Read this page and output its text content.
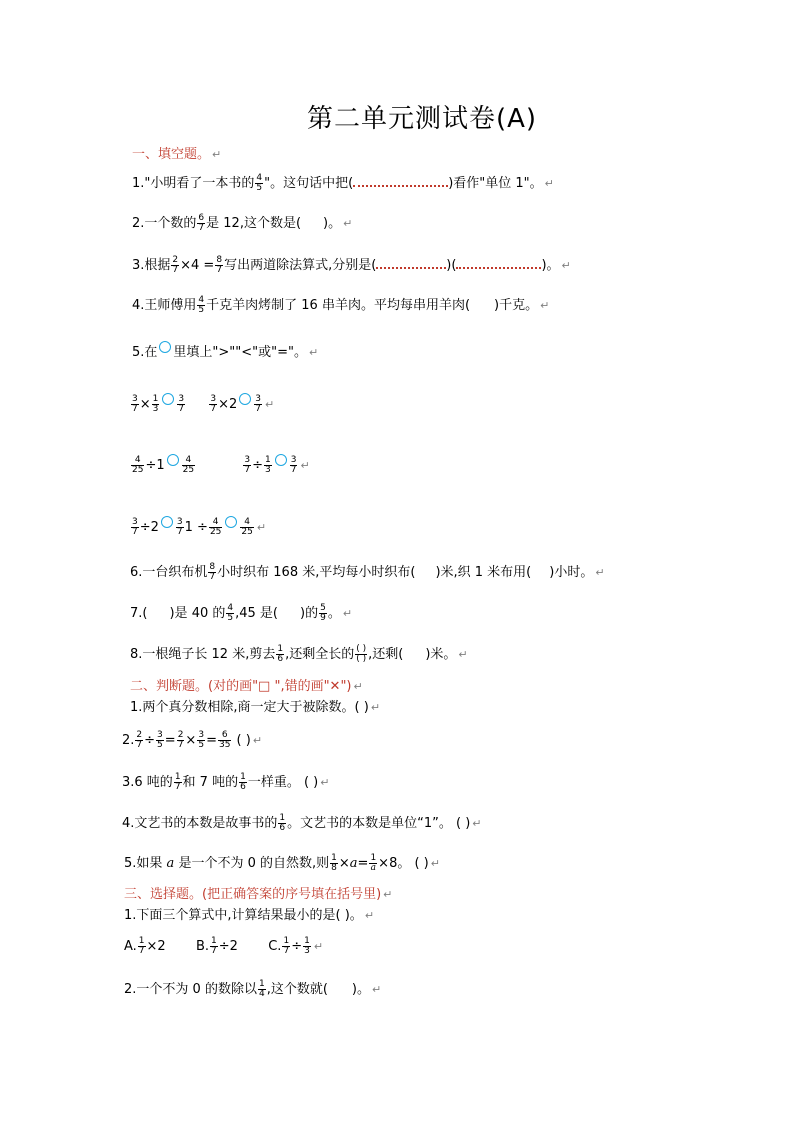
第二单元测试卷(A)
一、填空题。 ↵
1."小明看了一本书的 $\frac{4}{5}$ "。这句话中把(	)看作"单位 1"。 ↵
2.一个数的 $\frac{6}{7}$ 是 12,这个数是( )。 ↵
3.根据 $\frac{2}{7} \times 4 = \frac{8}{7}$ 写出两道除法算式,分别是(	)(	)。 ↵
4.王师傅用 $\frac{4}{5}$ 千克羊肉烤制了 16 串羊肉。平均每串用羊肉( )千克。 ↵
5.在 里填上">""<"或"="。 ↵
$\frac{3}{7} \times \frac{1}{3} \frac{3}{7}$
	$\frac{3}{7} \times 2 \frac{3}{7}$ ↵
$\frac{4}{25} \div 1 \frac{4}{25}$
	$\frac{3}{7} \div \frac{1}{3} \frac{3}{7}$ ↵
$\frac{3}{7} \div 2 \frac{3}{7} 1 \div \frac{4}{25} \frac{4}{25}$ ↵
6.一台织布机 $\frac{8}{7}$ 小时织布 168 米,平均每小时织布( )米,织 1 米布用( )小时。 ↵
7.( )是 40 的 $\frac{4}{5} ,45$ 是( )的 $\frac{5}{9}$ 。 ↵
8.一根绳子长 12 米,剪去 $\frac{1}{6}$ ,还剩全长的 $\frac{( )}{( )}$ ,还剩( )米。 ↵
二、判断题。(对的画"□ ",错的画"✕") ↵
1.两个真分数相除,商一定大于被除数。( ) ↵
2. $\frac{2}{7} \div \frac{3}{5} = \frac{2}{7} \times \frac{3}{5} = \frac{6}{35}$ ( ) ↵
3.6 吨的 $\frac{1}{7}$ 和 7 吨的 $\frac{1}{6}$ 一样重。 ( ) ↵
4.文艺书的本数是故事书的 $\frac{1}{6}$ 。文艺书的本数是单位“1”。 ( ) ↵
5.如果 a 是一个不为 0 的自然数,则 $\frac{1}{8} \times a= \frac{1}{a} \times 8$。 ( ) ↵
三、选择题。(把正确答案的序号填在括号里) ↵
1.下面三个算式中,计算结果最小的是( )。 ↵
A. $\frac{1}{7} \times 2$ B. $\frac{1}{7} \div 2$ C. $\frac{1}{7} \div \frac{1}{3}$ ↵
2.一个不为 0 的数除以 $\frac{1}{4}$ ,这个数就( )。 ↵
